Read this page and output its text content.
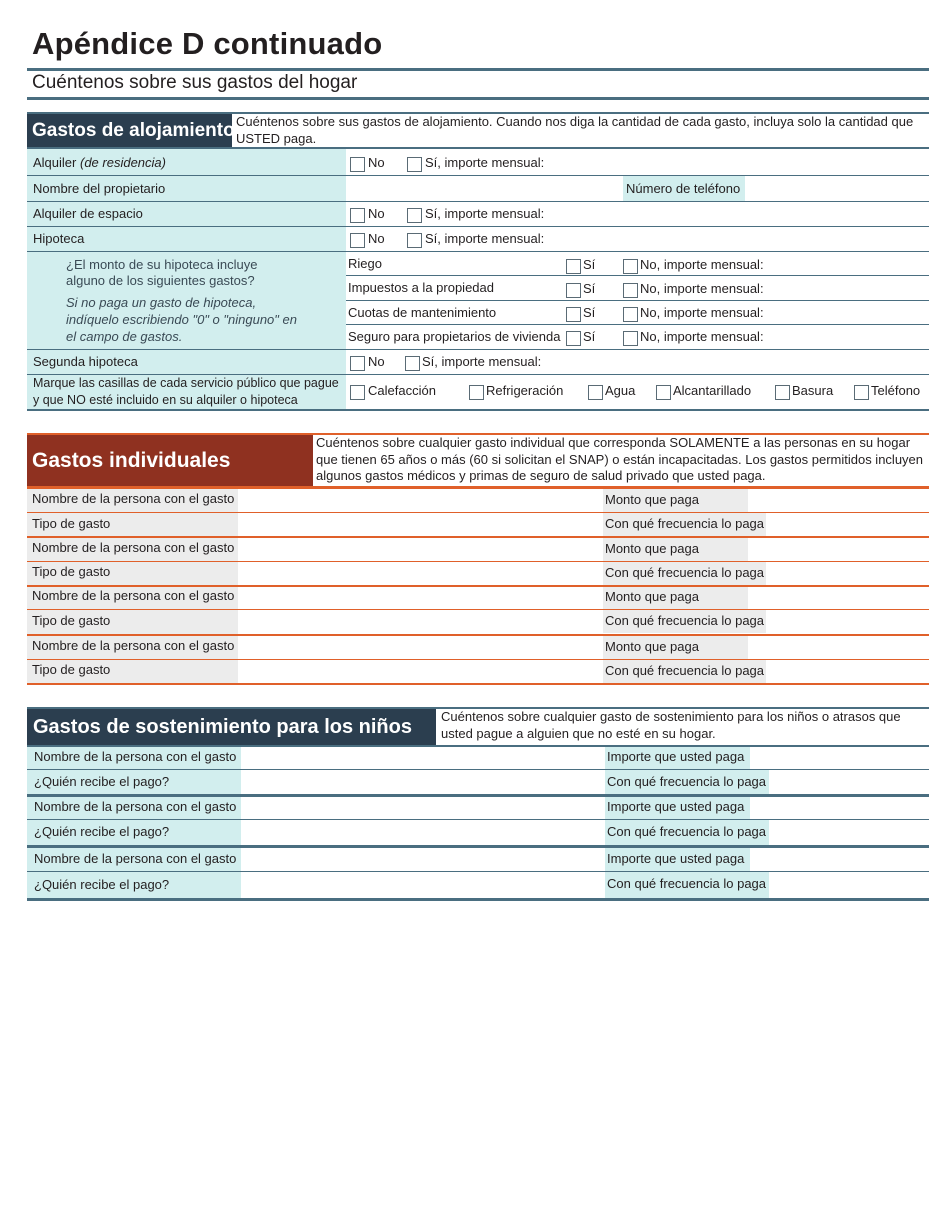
Apéndice D continuado
Cuéntenos sobre sus gastos del hogar
Gastos de alojamiento Cuéntenos sobre sus gastos de alojamiento. Cuando nos diga la cantidad de cada gasto, incluya solo la cantidad que USTED paga.
Alquiler (de residencia)	No	Sí, importe mensual:
Nombre del propietario	Número de teléfono
Alquiler de espacio	No	Sí, importe mensual:
Hipoteca	No	Sí, importe mensual:
¿El monto de su hipoteca incluye
alguno de los siguientes gastos?
Si no paga un gasto de hipoteca,
indíquelo escribiendo "0" o "ninguno" en
el campo de gastos.
Riego	Sí	No, importe mensual:
Impuestos a la propiedad	Sí	No, importe mensual:
Cuotas de mantenimiento	Sí	No, importe mensual:
Seguro para propietarios de vivienda Sí	No, importe mensual:
Segunda hipoteca	No	Sí, importe mensual:
Marque las casillas de cada servicio público que pague
y que NO esté incluido en su alquiler o hipoteca
Calefacción	Refrigeración	Agua	Alcantarillado	Basura	Teléfono
Gastos individuales
Cuéntenos sobre cualquier gasto individual que corresponda SOLAMENTE a las personas en su hogar
que tienen 65 años o más (60 si solicitan el SNAP) o están incapacitadas. Los gastos permitidos incluyen
algunos gastos médicos y primas de seguro de salud privado que usted paga.
Nombre de la persona con el gasto	Monto que paga
Tipo de gasto	Con qué frecuencia lo paga
Nombre de la persona con el gasto	Monto que paga
Tipo de gasto	Con qué frecuencia lo paga
Nombre de la persona con el gasto	Monto que paga
Tipo de gasto	Con qué frecuencia lo paga
Nombre de la persona con el gasto	Monto que paga
Tipo de gasto	Con qué frecuencia lo paga
Gastos de sostenimiento para los niños	Cuéntenos sobre cualquier gasto de sostenimiento para los niños o atrasos que
usted pague a alguien que no esté en su hogar.
Nombre de la persona con el gasto	Importe que usted paga
¿Quién recibe el pago?	Con qué frecuencia lo paga
Nombre de la persona con el gasto	Importe que usted paga
¿Quién recibe el pago?	Con qué frecuencia lo paga
Nombre de la persona con el gasto	Importe que usted paga
¿Quién recibe el pago?	Con qué frecuencia lo paga
